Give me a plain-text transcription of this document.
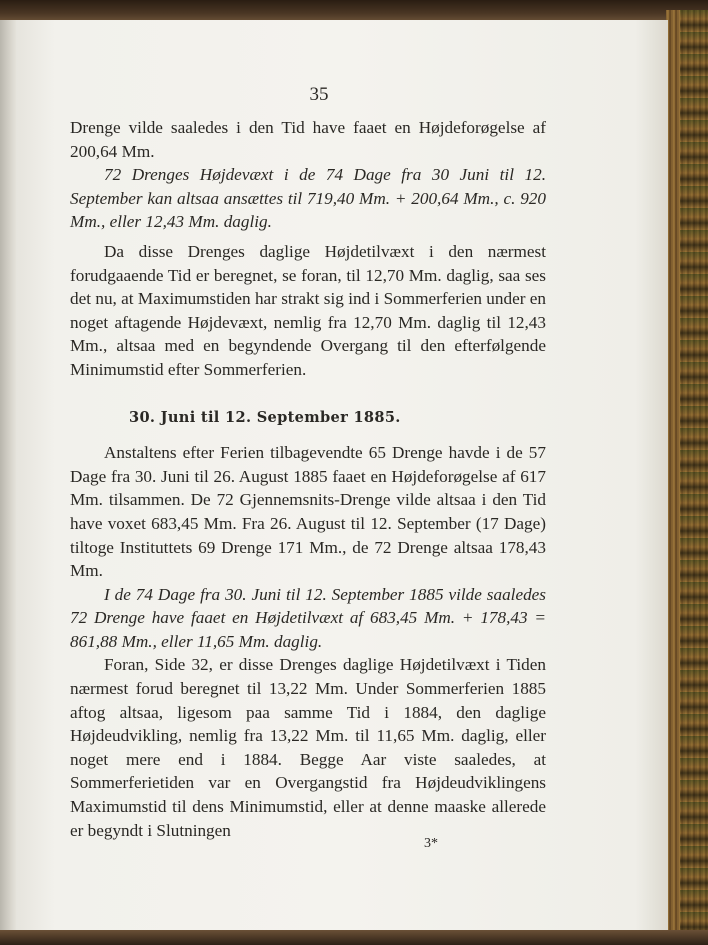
35

Drenge vilde saaledes i den Tid have faaet en Højdeforøgelse af 200,64 Mm.

72 Drenges Højdevæxt i de 74 Dage fra 30 Juni til 12. September kan altsaa ansættes til 719,40 Mm. + 200,64 Mm., c. 920 Mm., eller 12,43 Mm. daglig.

Da disse Drenges daglige Højdetilvæxt i den nærmest forudgaaende Tid er beregnet, se foran, til 12,70 Mm. daglig, saa ses det nu, at Maximumstiden har strakt sig ind i Sommerferien under en noget aftagende Højdevæxt, nemlig fra 12,70 Mm. daglig til 12,43 Mm., altsaa med en begyndende Overgang til den efterfølgende Minimumstid efter Sommerferien.

30. Juni til 12. September 1885.

Anstaltens efter Ferien tilbagevendte 65 Drenge havde i de 57 Dage fra 30. Juni til 26. August 1885 faaet en Højdeforøgelse af 617 Mm. tilsammen. De 72 Gjennemsnits-Drenge vilde altsaa i den Tid have voxet 683,45 Mm. Fra 26. August til 12. September (17 Dage) tiltoge Instituttets 69 Drenge 171 Mm., de 72 Drenge altsaa 178,43 Mm.

I de 74 Dage fra 30. Juni til 12. September 1885 vilde saaledes 72 Drenge have faaet en Højdetilvæxt af 683,45 Mm. + 178,43 = 861,88 Mm., eller 11,65 Mm. daglig.

Foran, Side 32, er disse Drenges daglige Højdetilvæxt i Tiden nærmest forud beregnet til 13,22 Mm. Under Sommerferien 1885 aftog altsaa, ligesom paa samme Tid i 1884, den daglige Højdeudvikling, nemlig fra 13,22 Mm. til 11,65 Mm. daglig, eller noget mere end i 1884. Begge Aar viste saaledes, at Sommerferietiden var en Overgangstid fra Højdeudviklingens Maximumstid til dens Minimumstid, eller at denne maaske allerede er begyndt i Slutningen

3*
